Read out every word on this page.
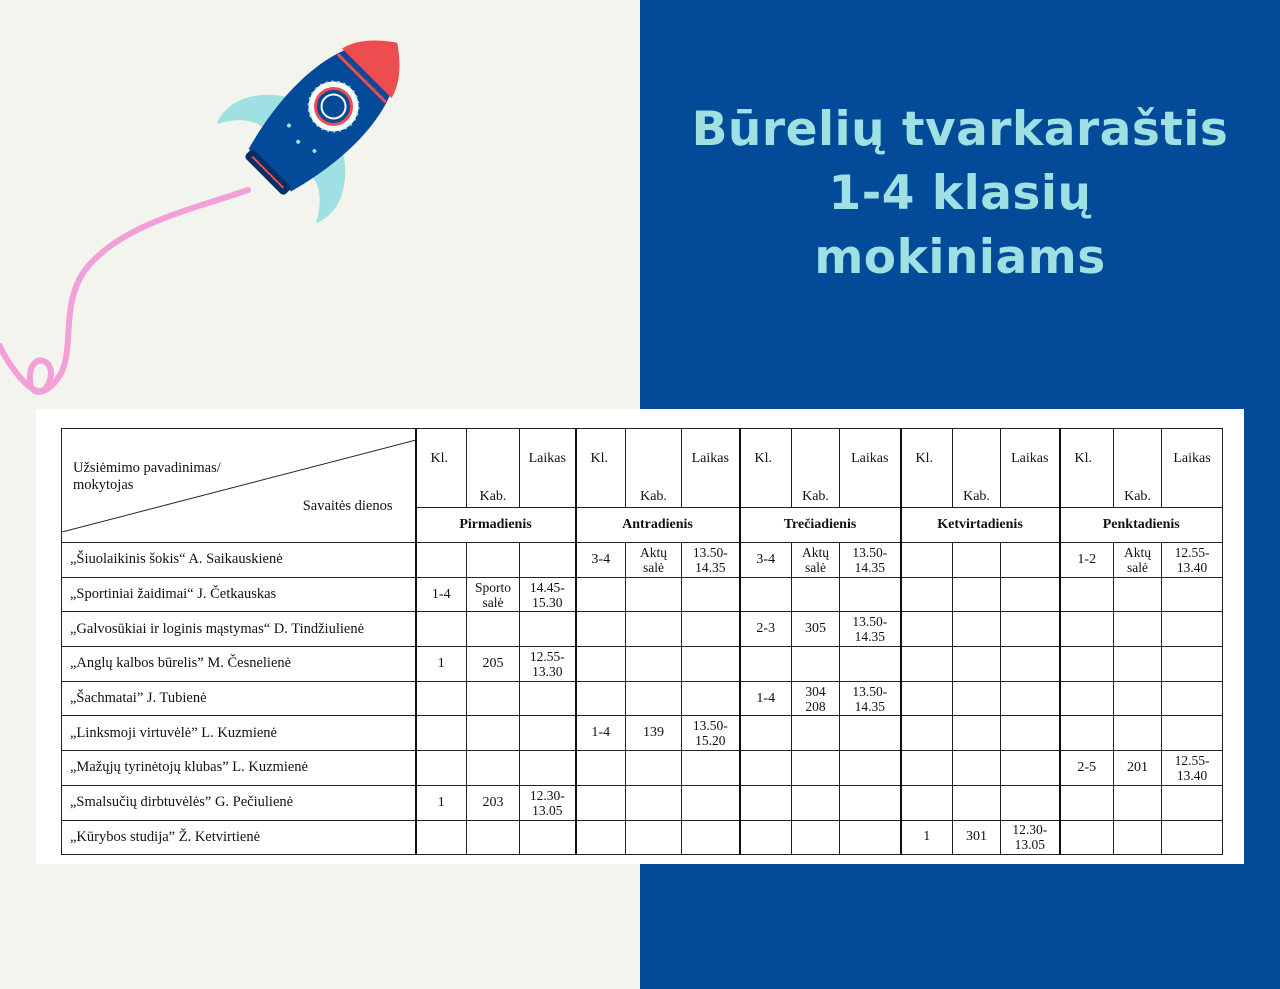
Būrelių tvarkaraštis
1-4 klasių
mokiniams
Užsiėmimo pavadinimas/
mokytojas
Savaitės dienos	Kl.	Kab.	Laikas	Kl.	Kab.	Laikas	Kl.	Kab.	Laikas	Kl.	Kab.	Laikas	Kl.	Kab.	Laikas
	Pirmadienis			Antradienis			Trečiadienis			Ketvirtadienis			Penktadienis		
„Šiuolaikinis šokis“ A. Saikauskienė				3-4	Aktų
salė	13.50-
14.35	3-4	Aktų
salė	13.50-
14.35				1-2	Aktų
salė	12.55-
13.40

„Sportiniai žaidimai“ J. Četkauskas	1-4	Sporto
salė	14.45-
15.30												

„Galvosūkiai ir loginis mąstymas“ D. Tindžiulienė							2-3	305	13.50-
14.35						

„Anglų kalbos būrelis” M. Česnelienė	1	205	12.55-
13.30												

„Šachmatai” J. Tubienė							1-4	304
208	13.50-
14.35						

„Linksmoji virtuvėlė” L. Kuzmienė				1-4	139	13.50-
15.20									

„Mažųjų tyrinėtojų klubas” L. Kuzmienė													2-5	201	12.55-
13.40

„Smalsučių dirbtuvėlės” G. Pečiulienė	1	203	12.30-
13.05												

„Kūrybos studija” Ž. Ketvirtienė										1	301	12.30-
13.05			
